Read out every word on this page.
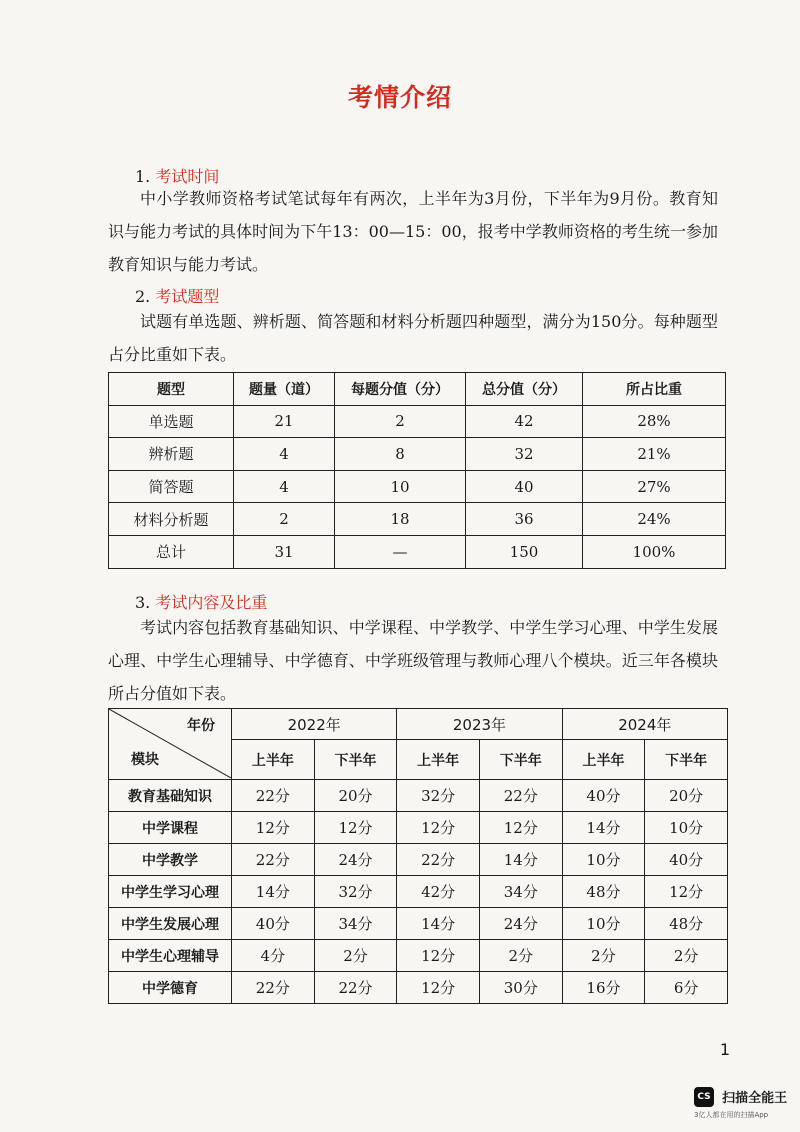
考情介绍
1. 考试时间

中小学教师资格考试笔试每年有两次，上半年为3月份，下半年为9月份。教育知识与能力考试的具体时间为下午13：00—15：00，报考中学教师资格的考生统一参加教育知识与能力考试。

2. 考试题型

试题有单选题、辨析题、简答题和材料分析题四种题型，满分为150分。每种题型占分比重如下表。

题型	题量（道）	每题分值（分）	总分值（分）	所占比重
单选题	21	2	42	28%
辨析题	4	8	32	21%
简答题	4	10	40	27%
材料分析题	2	18	36	24%
总计	31	—	150	100%
3. 考试内容及比重

考试内容包括教育基础知识、中学课程、中学教学、中学生学习心理、中学生发展心理、中学生心理辅导、中学德育、中学班级管理与教师心理八个模块。近三年各模块所占分值如下表。

年份
模块	2022年		2023年		2024年	
	上半年	下半年	上半年	下半年	上半年	下半年
教育基础知识	22分	20分	32分	22分	40分	20分
中学课程	12分	12分	12分	12分	14分	10分
中学教学	22分	24分	22分	14分	10分	40分
中学生学习心理	14分	32分	42分	34分	48分	12分
中学生发展心理	40分	34分	14分	24分	10分	48分
中学生心理辅导	4分	2分	12分	2分	2分	2分
中学德育	22分	22分	12分	30分	16分	6分
1
CS 扫描全能王
3亿人都在用的扫描App
